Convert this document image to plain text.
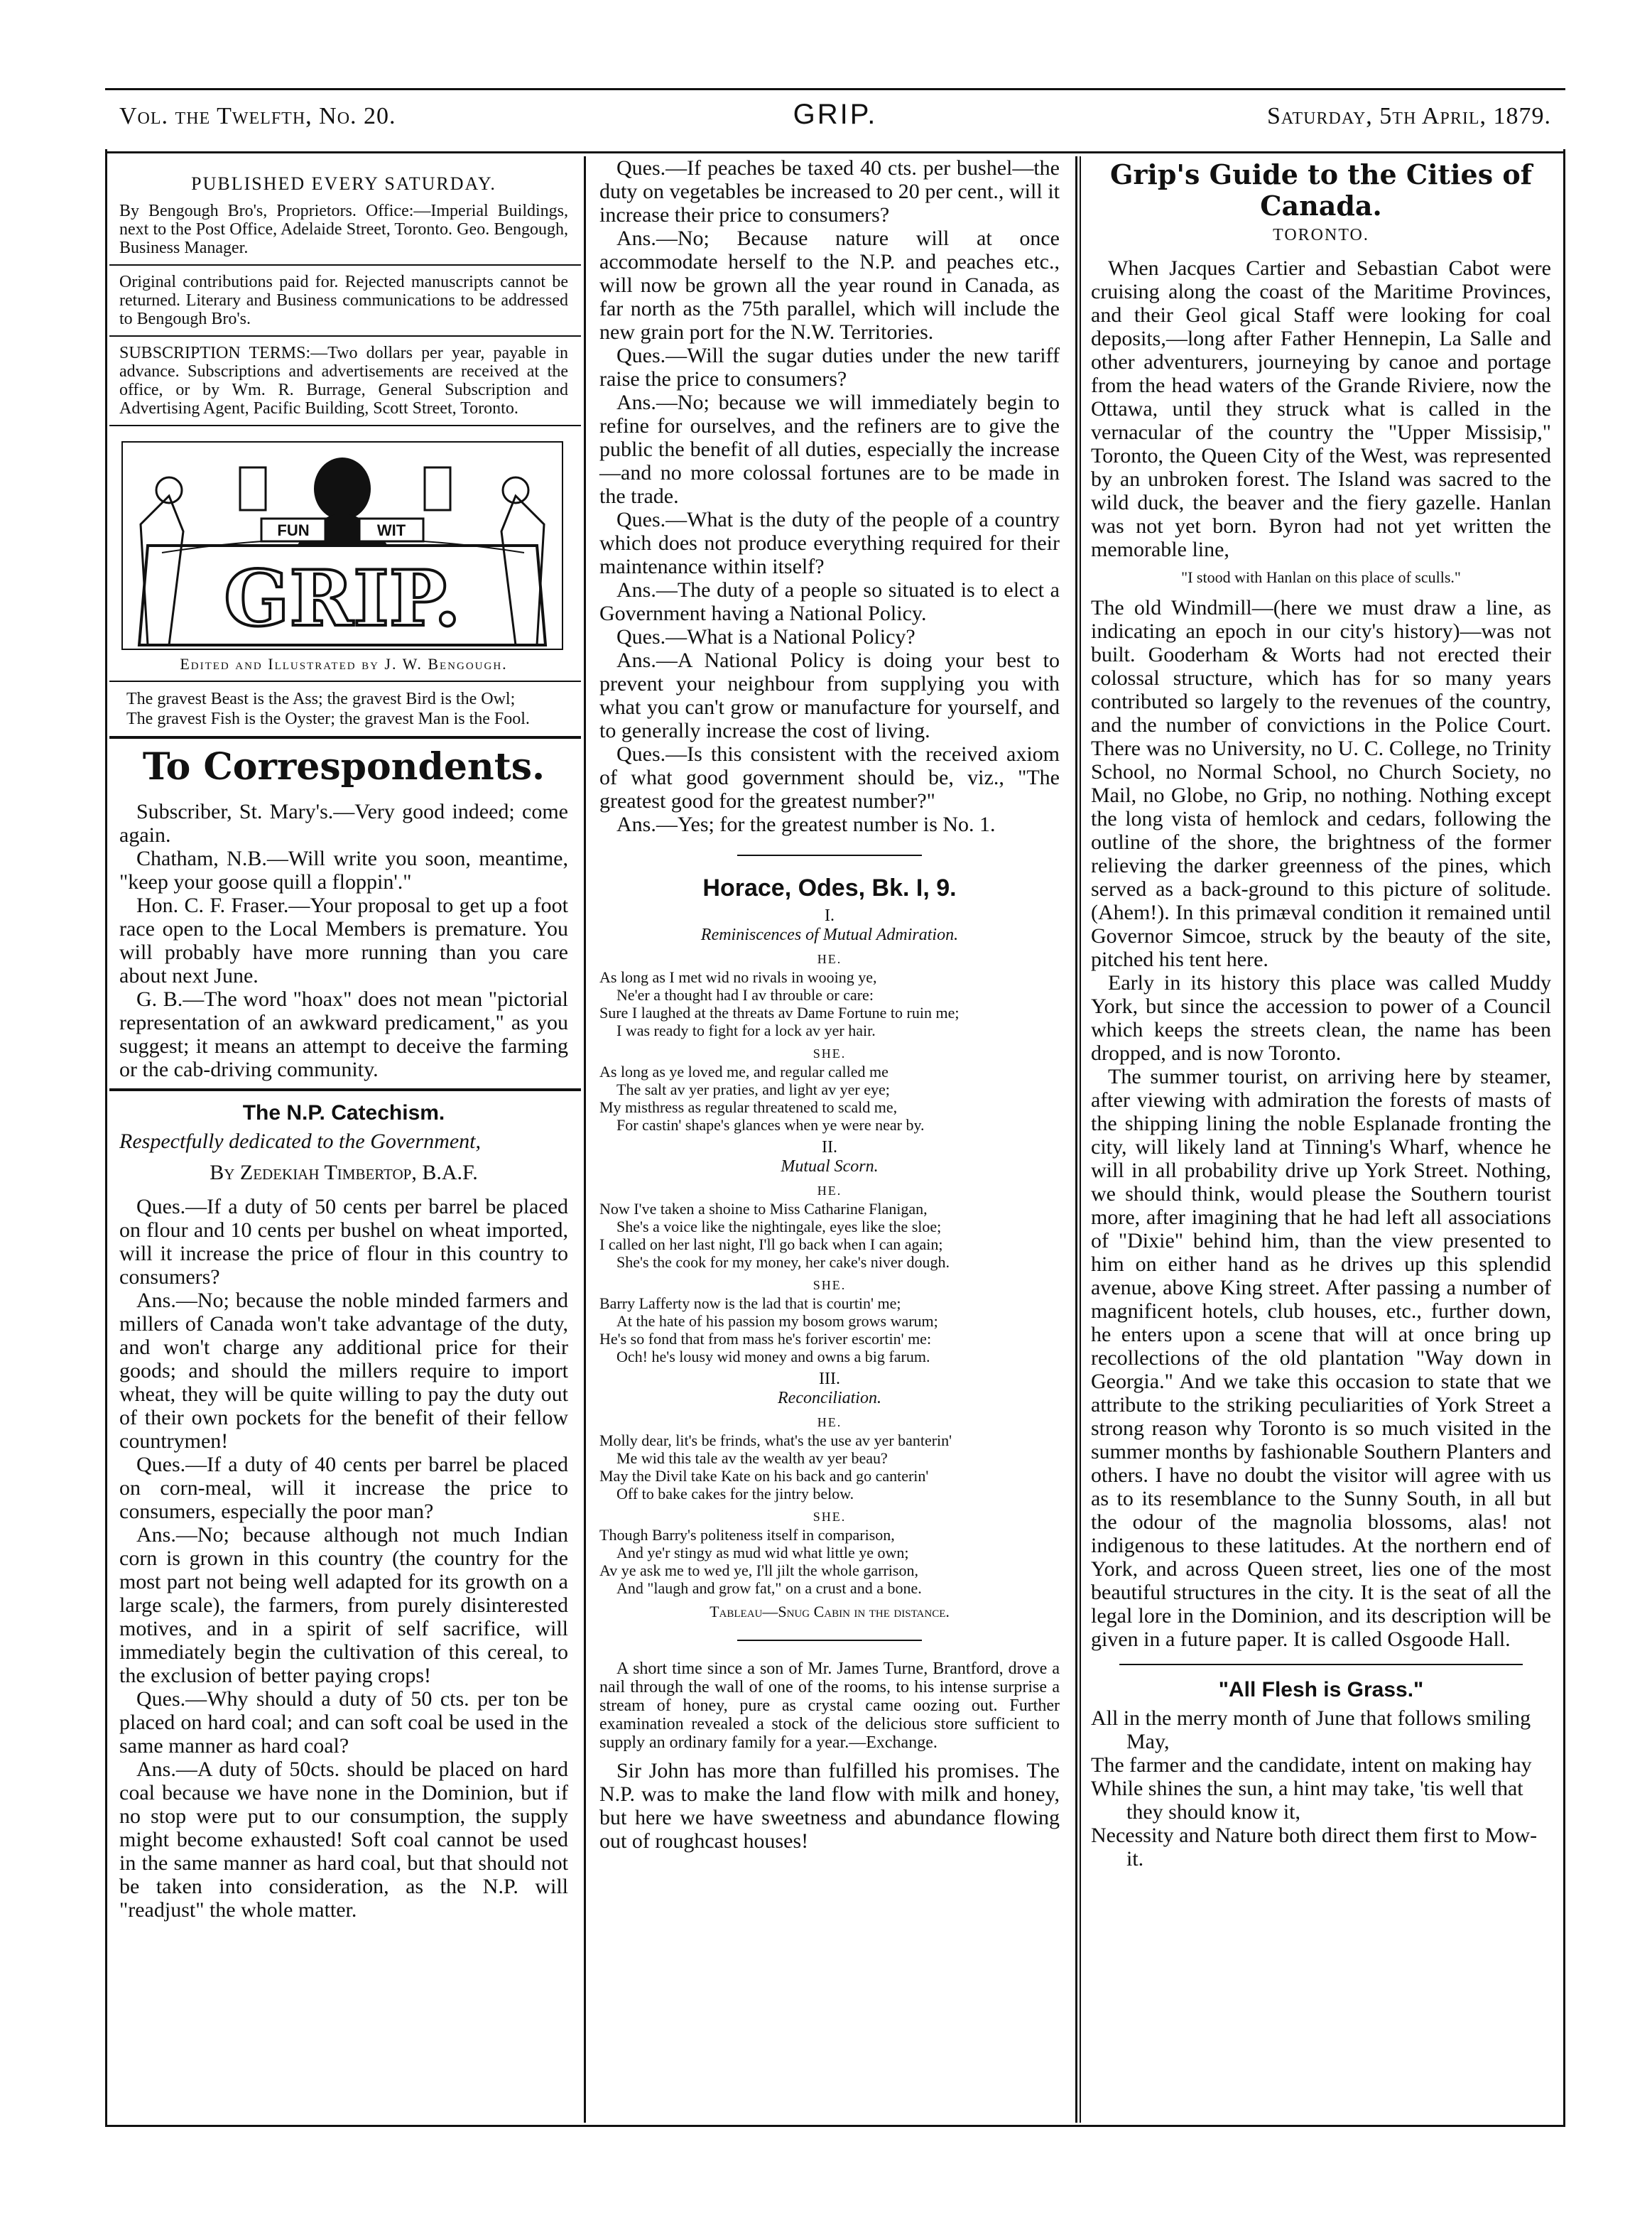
Vol. the Twelfth, No. 20.	GRIP.	Saturday, 5th April, 1879.
PUBLISHED EVERY SATURDAY.
By Bengough Bro's, Proprietors. Office:—Imperial Buildings, next to the Post Office, Adelaide Street, Toronto. Geo. Bengough, Business Manager.
Original contributions paid for. Rejected manuscripts cannot be returned. Literary and Business communications to be addressed to Bengough Bro's.
SUBSCRIPTION TERMS:—Two dollars per year, payable in advance. Subscriptions and advertisements are received at the office, or by Wm. R. Burrage, General Subscription and Advertising Agent, Pacific Building, Scott Street, Toronto.
FUN	WIT
GRIP.
Edited and Illustrated by J. W. Bengough.
The gravest Beast is the Ass; the gravest Bird is the Owl;
The gravest Fish is the Oyster; the gravest Man is the Fool.
To Correspondents.

Subscriber, St. Mary's.—Very good indeed; come again.

Chatham, N.B.—Will write you soon, meantime, "keep your goose quill a floppin'."

Hon. C. F. Fraser.—Your proposal to get up a foot race open to the Local Members is premature. You will probably have more running than you care about next June.

G. B.—The word "hoax" does not mean "pictorial representation of an awkward predicament," as you suggest; it means an attempt to deceive the farming or the cab-driving community.

The N.P. Catechism.
Respectfully dedicated to the Government,
By Zedekiah Timbertop, B.A.F.

Ques.—If a duty of 50 cents per barrel be placed on flour and 10 cents per bushel on wheat imported, will it increase the price of flour in this country to consumers?

Ans.—No; because the noble minded farmers and millers of Canada won't take advantage of the duty, and won't charge any additional price for their goods; and should the millers require to import wheat, they will be quite willing to pay the duty out of their own pockets for the benefit of their fellow countrymen!

Ques.—If a duty of 40 cents per barrel be placed on corn-meal, will it increase the price to consumers, especially the poor man?

Ans.—No; because although not much Indian corn is grown in this country (the country for the most part not being well adapted for its growth on a large scale), the farmers, from purely disinterested motives, and in a spirit of self sacrifice, will immediately begin the cultivation of this cereal, to the exclusion of better paying crops!

Ques.—Why should a duty of 50 cts. per ton be placed on hard coal; and can soft coal be used in the same manner as hard coal?

Ans.—A duty of 50cts. should be placed on hard coal because we have none in the Dominion, but if no stop were put to our consumption, the supply might become exhausted! Soft coal cannot be used in the same manner as hard coal, but that should not be taken into consideration, as the N.P. will "readjust" the whole matter.

Ques.—If peaches be taxed 40 cts. per bushel—the duty on vegetables be increased to 20 per cent., will it increase their price to consumers?

Ans.—No; Because nature will at once accommodate herself to the N.P. and peaches etc., will now be grown all the year round in Canada, as far north as the 75th parallel, which will include the new grain port for the N.W. Territories.

Ques.—Will the sugar duties under the new tariff raise the price to consumers?

Ans.—No; because we will immediately begin to refine for ourselves, and the refiners are to give the public the benefit of all duties, especially the increase—and no more colossal fortunes are to be made in the trade.

Ques.—What is the duty of the people of a country which does not produce everything required for their maintenance within itself?

Ans.—The duty of a people so situated is to elect a Government having a National Policy.

Ques.—What is a National Policy?

Ans.—A National Policy is doing your best to prevent your neighbour from supplying you with what you can't grow or manufacture for yourself, and to generally increase the cost of living.

Ques.—Is this consistent with the received axiom of what good government should be, viz., "The greatest good for the greatest number?"

Ans.—Yes; for the greatest number is No. 1.

Horace, Odes, Bk. I, 9.
I.
Reminiscences of Mutual Admiration.
HE.
As long as I met wid no rivals in wooing ye,
Ne'er a thought had I av throuble or care:
Sure I laughed at the threats av Dame Fortune to ruin me;
I was ready to fight for a lock av yer hair.
SHE.
As long as ye loved me, and regular called me
The salt av yer praties, and light av yer eye;
My misthress as regular threatened to scald me,
For castin' shape's glances when ye were near by.
II.
Mutual Scorn.
HE.
Now I've taken a shoine to Miss Catharine Flanigan,
She's a voice like the nightingale, eyes like the sloe;
I called on her last night, I'll go back when I can again;
She's the cook for my money, her cake's niver dough.
SHE.
Barry Lafferty now is the lad that is courtin' me;
At the hate of his passion my bosom grows warum;
He's so fond that from mass he's foriver escortin' me:
Och! he's lousy wid money and owns a big farum.
III.
Reconciliation.
HE.
Molly dear, lit's be frinds, what's the use av yer banterin'
Me wid this tale av the wealth av yer beau?
May the Divil take Kate on his back and go canterin'
Off to bake cakes for the jintry below.
SHE.
Though Barry's politeness itself in comparison,
And ye'r stingy as mud wid what little ye own;
Av ye ask me to wed ye, I'll jilt the whole garrison,
And "laugh and grow fat," on a crust and a bone.
Tableau—Snug Cabin in the distance.
A short time since a son of Mr. James Turne, Brantford, drove a nail through the wall of one of the rooms, to his intense surprise a stream of honey, pure as crystal came oozing out. Further examination revealed a stock of the delicious store sufficient to supply an ordinary family for a year.—Exchange.

Sir John has more than fulfilled his promises. The N.P. was to make the land flow with milk and honey, but here we have sweetness and abundance flowing out of roughcast houses!

Grip's Guide to the Cities of Canada.
TORONTO.

When Jacques Cartier and Sebastian Cabot were cruising along the coast of the Maritime Provinces, and their Geol gical Staff were looking for coal deposits,—long after Father Hennepin, La Salle and other adventurers, journeying by canoe and portage from the head waters of the Grande Riviere, now the Ottawa, until they struck what is called in the vernacular of the country the "Upper Missisip," Toronto, the Queen City of the West, was represented by an unbroken forest. The Island was sacred to the wild duck, the beaver and the fiery gazelle. Hanlan was not yet born. Byron had not yet written the memorable line,

"I stood with Hanlan on this place of sculls."

The old Windmill—(here we must draw a line, as indicating an epoch in our city's history)—was not built. Gooderham & Worts had not erected their colossal structure, which has for so many years contributed so largely to the revenues of the country, and the number of convictions in the Police Court. There was no University, no U. C. College, no Trinity School, no Normal School, no Church Society, no Mail, no Globe, no Grip, no nothing. Nothing except the long vista of hemlock and cedars, following the outline of the shore, the brightness of the former relieving the darker greenness of the pines, which served as a back-ground to this picture of solitude. (Ahem!). In this primæval condition it remained until Governor Simcoe, struck by the beauty of the site, pitched his tent here.

Early in its history this place was called Muddy York, but since the accession to power of a Council which keeps the streets clean, the name has been dropped, and is now Toronto.

The summer tourist, on arriving here by steamer, after viewing with admiration the forests of masts of the shipping lining the noble Esplanade fronting the city, will likely land at Tinning's Wharf, whence he will in all probability drive up York Street. Nothing, we should think, would please the Southern tourist more, after imagining that he had left all associations of "Dixie" behind him, than the view presented to him on either hand as he drives up this splendid avenue, above King street. After passing a number of magnificent hotels, club houses, etc., further down, he enters upon a scene that will at once bring up recollections of the old plantation "Way down in Georgia." And we take this occasion to state that we attribute to the striking peculiarities of York Street a strong reason why Toronto is so much visited in the summer months by fashionable Southern Planters and others. I have no doubt the visitor will agree with us as to its resemblance to the Sunny South, in all but the odour of the magnolia blossoms, alas! not indigenous to these latitudes. At the northern end of York, and across Queen street, lies one of the most beautiful structures in the city. It is the seat of all the legal lore in the Dominion, and its description will be given in a future paper. It is called Osgoode Hall.

"All Flesh is Grass."
All in the merry month of June that follows smiling May,
The farmer and the candidate, intent on making hay
While shines the sun, a hint may take, 'tis well that they should know it,
Necessity and Nature both direct them first to Mow-it.
